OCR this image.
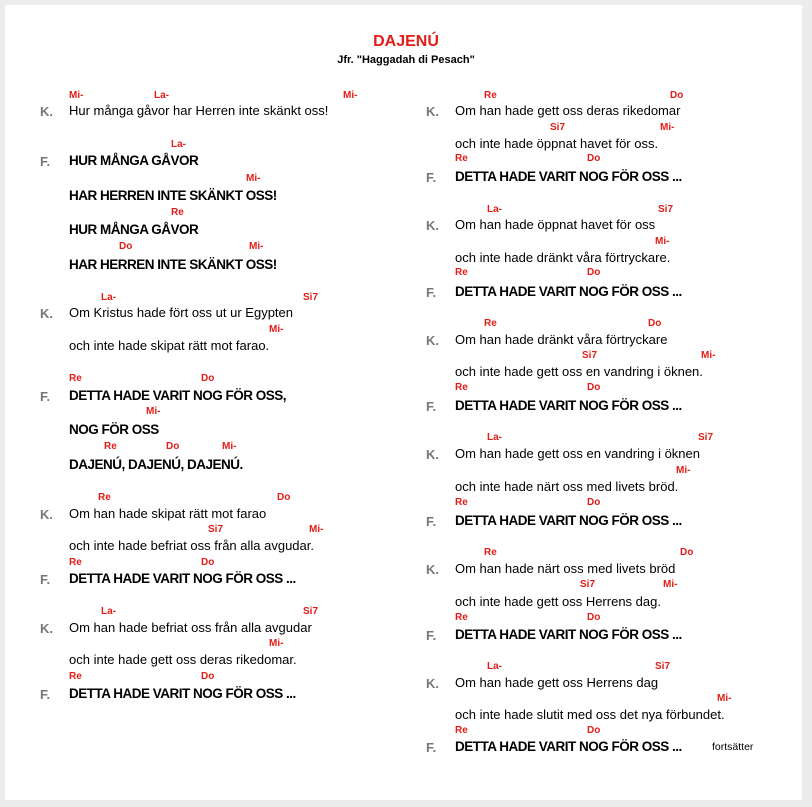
DAJENÚ
Jfr. "Haggadah di Pesach"
Mi-	La-	Mi-
K. Hur många gåvor har Herren inte skänkt oss!
La-
F. HUR MÅNGA GÅVOR
Mi-
HAR HERREN INTE SKÄNKT OSS!
Re
HUR MÅNGA GÅVOR
Do	Mi-
HAR HERREN INTE SKÄNKT OSS!
La-	Si7
K. Om Kristus hade fört oss ut ur Egypten
Mi-
och inte hade skipat rätt mot farao.
Re	Do
F. DETTA HADE VARIT NOG FÖR OSS,
Mi-
NOG FÖR OSS
Re	Do	Mi-
DAJENÚ, DAJENÚ, DAJENÚ.
Re	Do
K. Om han hade skipat rätt mot farao
Si7	Mi-
och inte hade befriat oss från alla avgudar.
Re	Do
F. DETTA HADE VARIT NOG FÖR OSS ...
La-	Si7
K. Om han hade befriat oss från alla avgudar
Mi-
och inte hade gett oss deras rikedomar.
Re	Do
F. DETTA HADE VARIT NOG FÖR OSS ...
Re	Do
K. Om han hade gett oss deras rikedomar
Si7	Mi-
och inte hade öppnat havet för oss.
Re	Do
F. DETTA HADE VARIT NOG FÖR OSS ...
La-	Si7
K. Om han hade öppnat havet för oss
Mi-
och inte hade dränkt våra förtryckare.
Re	Do
F. DETTA HADE VARIT NOG FÖR OSS ...
Re	Do
K. Om han hade dränkt våra förtryckare
Si7	Mi-
och inte hade gett oss en vandring i öknen.
Re	Do
F. DETTA HADE VARIT NOG FÖR OSS ...
La-	Si7
K. Om han hade gett oss en vandring i öknen
Mi-
och inte hade närt oss med livets bröd.
Re	Do
F. DETTA HADE VARIT NOG FÖR OSS ...
Re	Do
K. Om han hade närt oss med livets bröd
Si7	Mi-
och inte hade gett oss Herrens dag.
Re	Do
F. DETTA HADE VARIT NOG FÖR OSS ...
La-	Si7
K. Om han hade gett oss Herrens dag
Mi-
och inte hade slutit med oss det nya förbundet.
Re	Do
F. DETTA HADE VARIT NOG FÖR OSS ...	fortsätter
